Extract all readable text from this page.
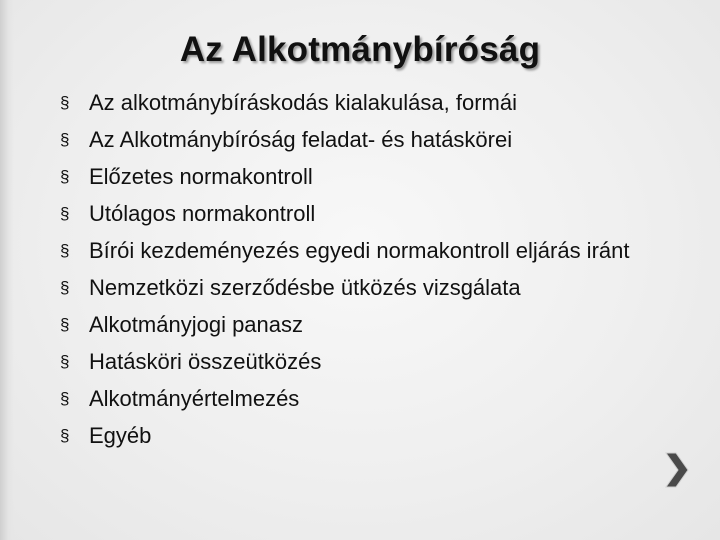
Az Alkotmánybíróság
§ Az alkotmánybíráskodás kialakulása, formái
§ Az Alkotmánybíróság feladat- és hatáskörei
§ Előzetes normakontroll
§ Utólagos normakontroll
§ Bírói kezdeményezés egyedi normakontroll eljárás iránt
§ Nemzetközi szerződésbe ütközés vizsgálata
§ Alkotmányjogi panasz
§ Hatásköri összeütközés
§ Alkotmányértelmezés
§ Egyéb
